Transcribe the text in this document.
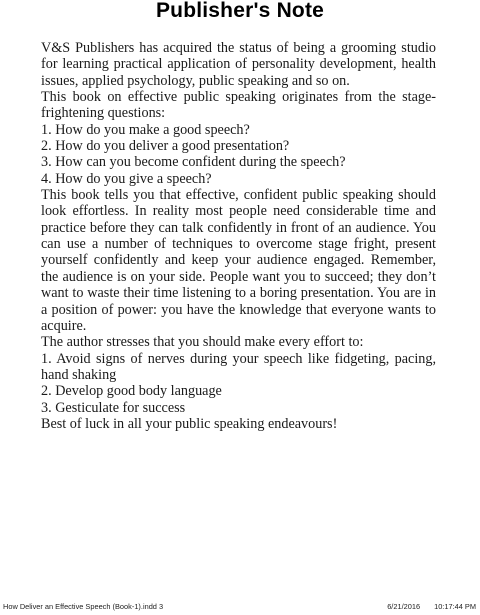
Publisher's Note

V&S Publishers has acquired the status of being a grooming studio for learning practical application of personality development, health issues, applied psychology, public speaking and so on.

This book on effective public speaking originates from the stage-frightening questions:

1. How do you make a good speech?

2. How do you deliver a good presentation?

3. How can you become confident during the speech?

4. How do you give a speech?

This book tells you that effective, confident public speaking should look effortless. In reality most people need considerable time and practice before they can talk confidently in front of an audience. You can use a number of techniques to overcome stage fright, present yourself confidently and keep your audience engaged. Remember, the audience is on your side. People want you to succeed; they don’t want to waste their time listening to a boring presentation. You are in a position of power: you have the knowledge that everyone wants to acquire.

The author stresses that you should make every effort to:

1. Avoid signs of nerves during your speech like fidgeting, pacing, hand shaking

2. Develop good body language

3. Gesticulate for success

Best of luck in all your public speaking endeavours!

How Deliver an Effective Speech (Book-1).indd 3	6/21/2016 10:17:44 PM
